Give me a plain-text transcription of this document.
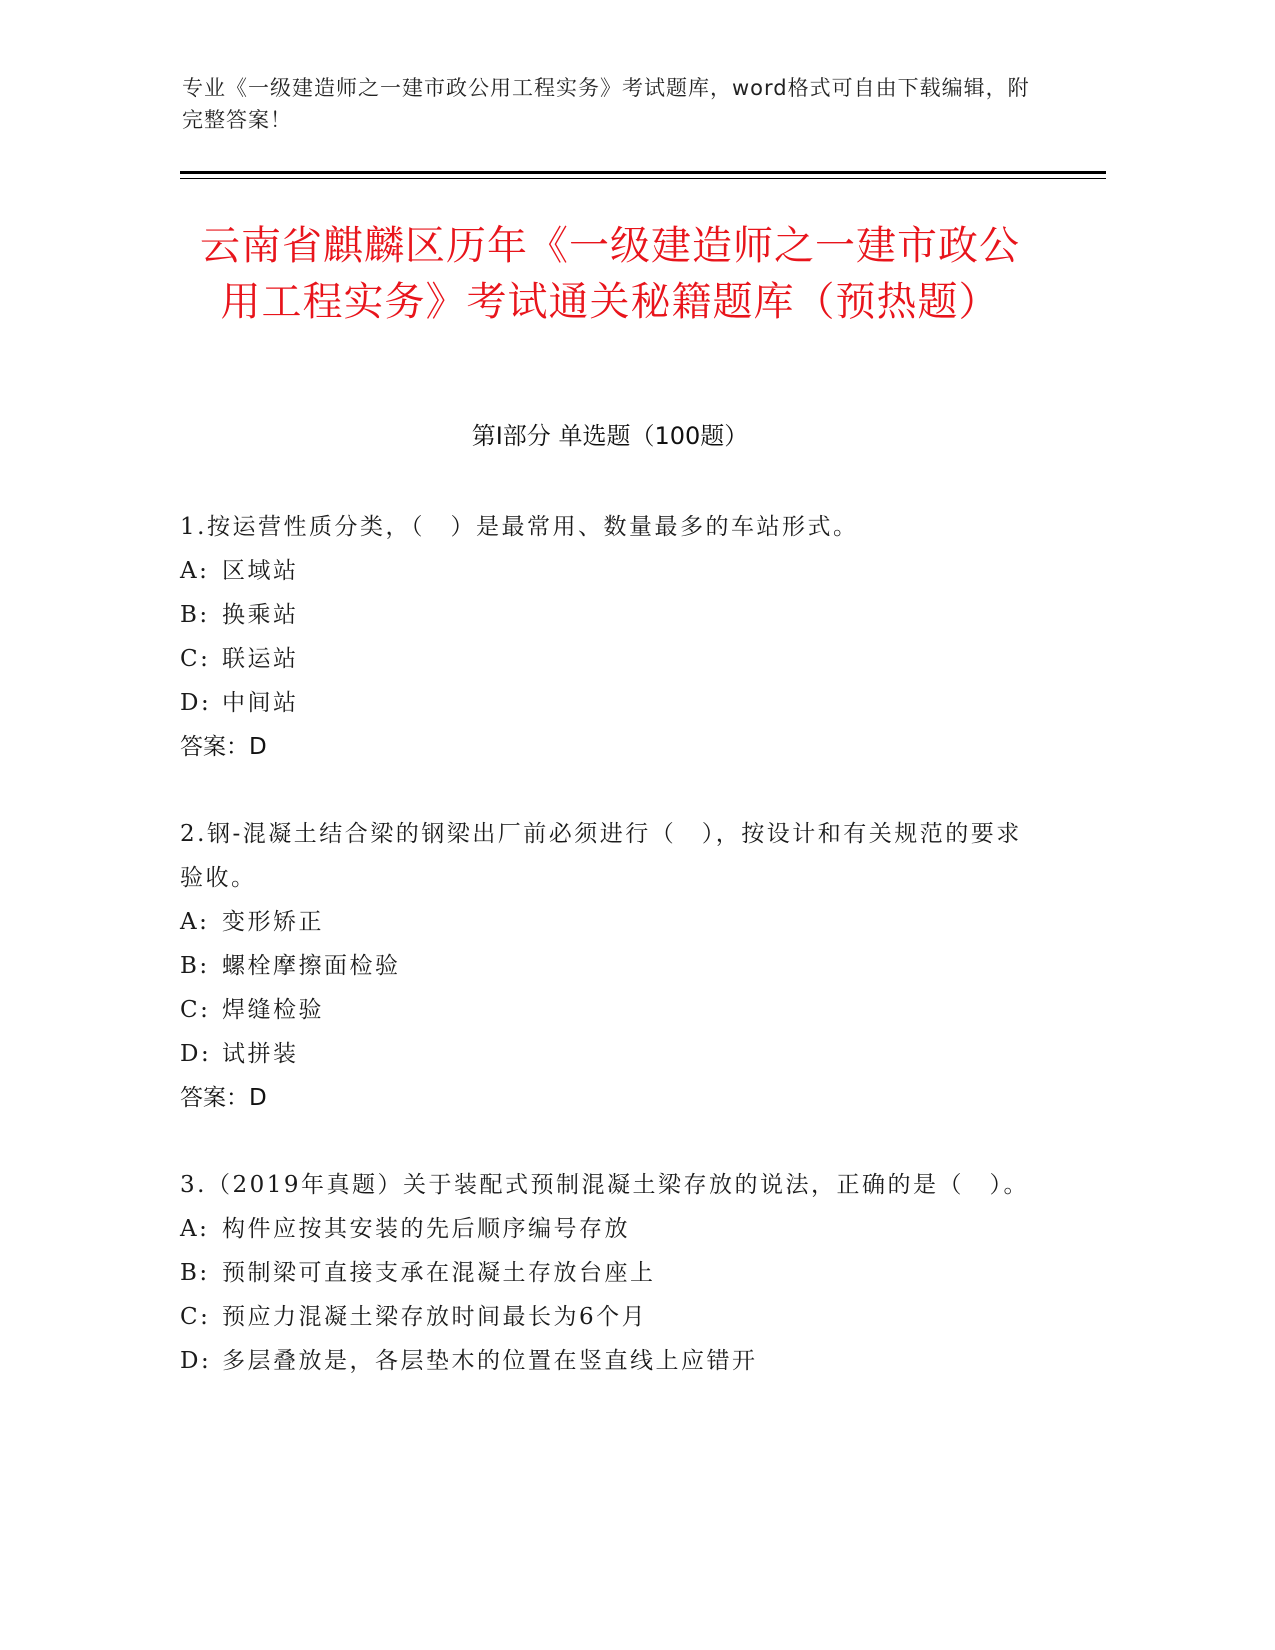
专业《一级建造师之一建市政公用工程实务》考试题库，word格式可自由下载编辑，附完整答案！
云南省麒麟区历年《一级建造师之一建市政公用工程实务》考试通关秘籍题库（预热题）
第I部分 单选题（100题）
1.按运营性质分类，（　）是最常用、数量最多的车站形式。
A: 区域站
B: 换乘站
C: 联运站
D: 中间站
答案：D
2.钢-混凝土结合梁的钢梁出厂前必须进行（　），按设计和有关规范的要求验收。
A: 变形矫正
B: 螺栓摩擦面检验
C: 焊缝检验
D: 试拼装
答案：D
3.（2019年真题）关于装配式预制混凝土梁存放的说法，正确的是（　）。
A: 构件应按其安装的先后顺序编号存放
B: 预制梁可直接支承在混凝土存放台座上
C: 预应力混凝土梁存放时间最长为6个月
D: 多层叠放是，各层垫木的位置在竖直线上应错开
